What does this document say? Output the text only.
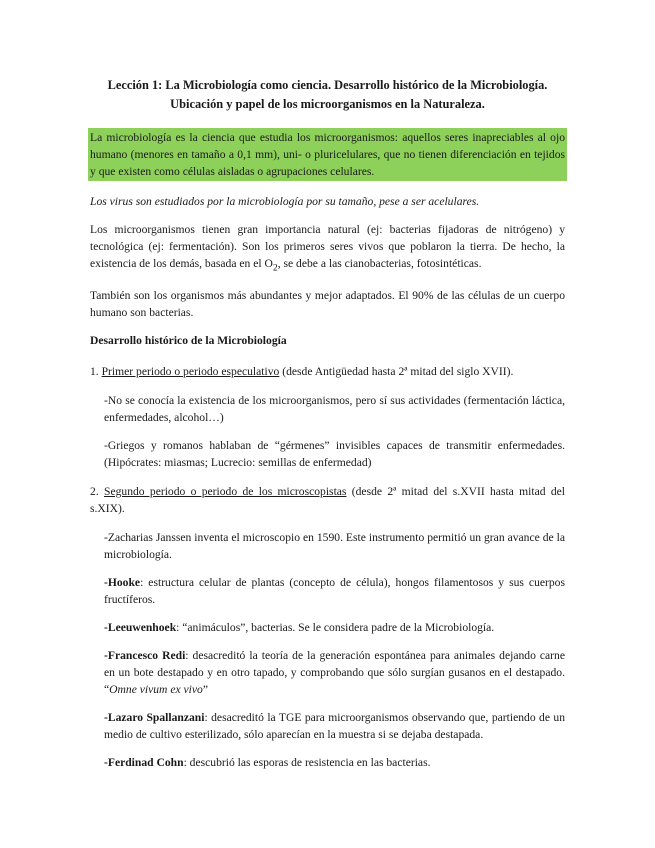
Lección 1: La Microbiología como ciencia. Desarrollo histórico de la Microbiología.
Ubicación y papel de los microorganismos en la Naturaleza.

La microbiología es la ciencia que estudia los microorganismos: aquellos seres inapreciables al ojo humano (menores en tamaño a 0,1 mm), uni- o pluricelulares, que no tienen diferenciación en tejidos y que existen como células aisladas o agrupaciones celulares.

Los virus son estudiados por la microbiología por su tamaño, pese a ser acelulares.

Los microorganismos tienen gran importancia natural (ej: bacterias fijadoras de nitrógeno) y tecnológica (ej: fermentación). Son los primeros seres vivos que poblaron la tierra. De hecho, la existencia de los demás, basada en el $O_2$, se debe a las cianobacterias, fotosintéticas.

También son los organismos más abundantes y mejor adaptados. El 90% de las células de un cuerpo humano son bacterias.

Desarrollo histórico de la Microbiología

1. Primer periodo o periodo especulativo (desde Antigüedad hasta 2ª mitad del siglo XVII).

-No se conocía la existencia de los microorganismos, pero sí sus actividades (fermentación láctica, enfermedades, alcohol…)

-Griegos y romanos hablaban de “gérmenes” invisibles capaces de transmitir enfermedades. (Hipócrates: miasmas; Lucrecio: semillas de enfermedad)

2. Segundo periodo o periodo de los microscopistas (desde 2ª mitad del s.XVII hasta mitad del s.XIX).

-Zacharias Janssen inventa el microscopio en 1590. Este instrumento permitió un gran avance de la microbiología.

-Hooke: estructura celular de plantas (concepto de célula), hongos filamentosos y sus cuerpos fructíferos.

-Leeuwenhoek: “animáculos”, bacterias. Se le considera padre de la Microbiología.

-Francesco Redi: desacreditó la teoría de la generación espontánea para animales dejando carne en un bote destapado y en otro tapado, y comprobando que sólo surgían gusanos en el destapado. “Omne vivum ex vivo”

-Lazaro Spallanzani: desacreditó la TGE para microorganismos observando que, partiendo de un medio de cultivo esterilizado, sólo aparecían en la muestra si se dejaba destapada.

-Ferdinad Cohn: descubrió las esporas de resistencia en las bacterias.
